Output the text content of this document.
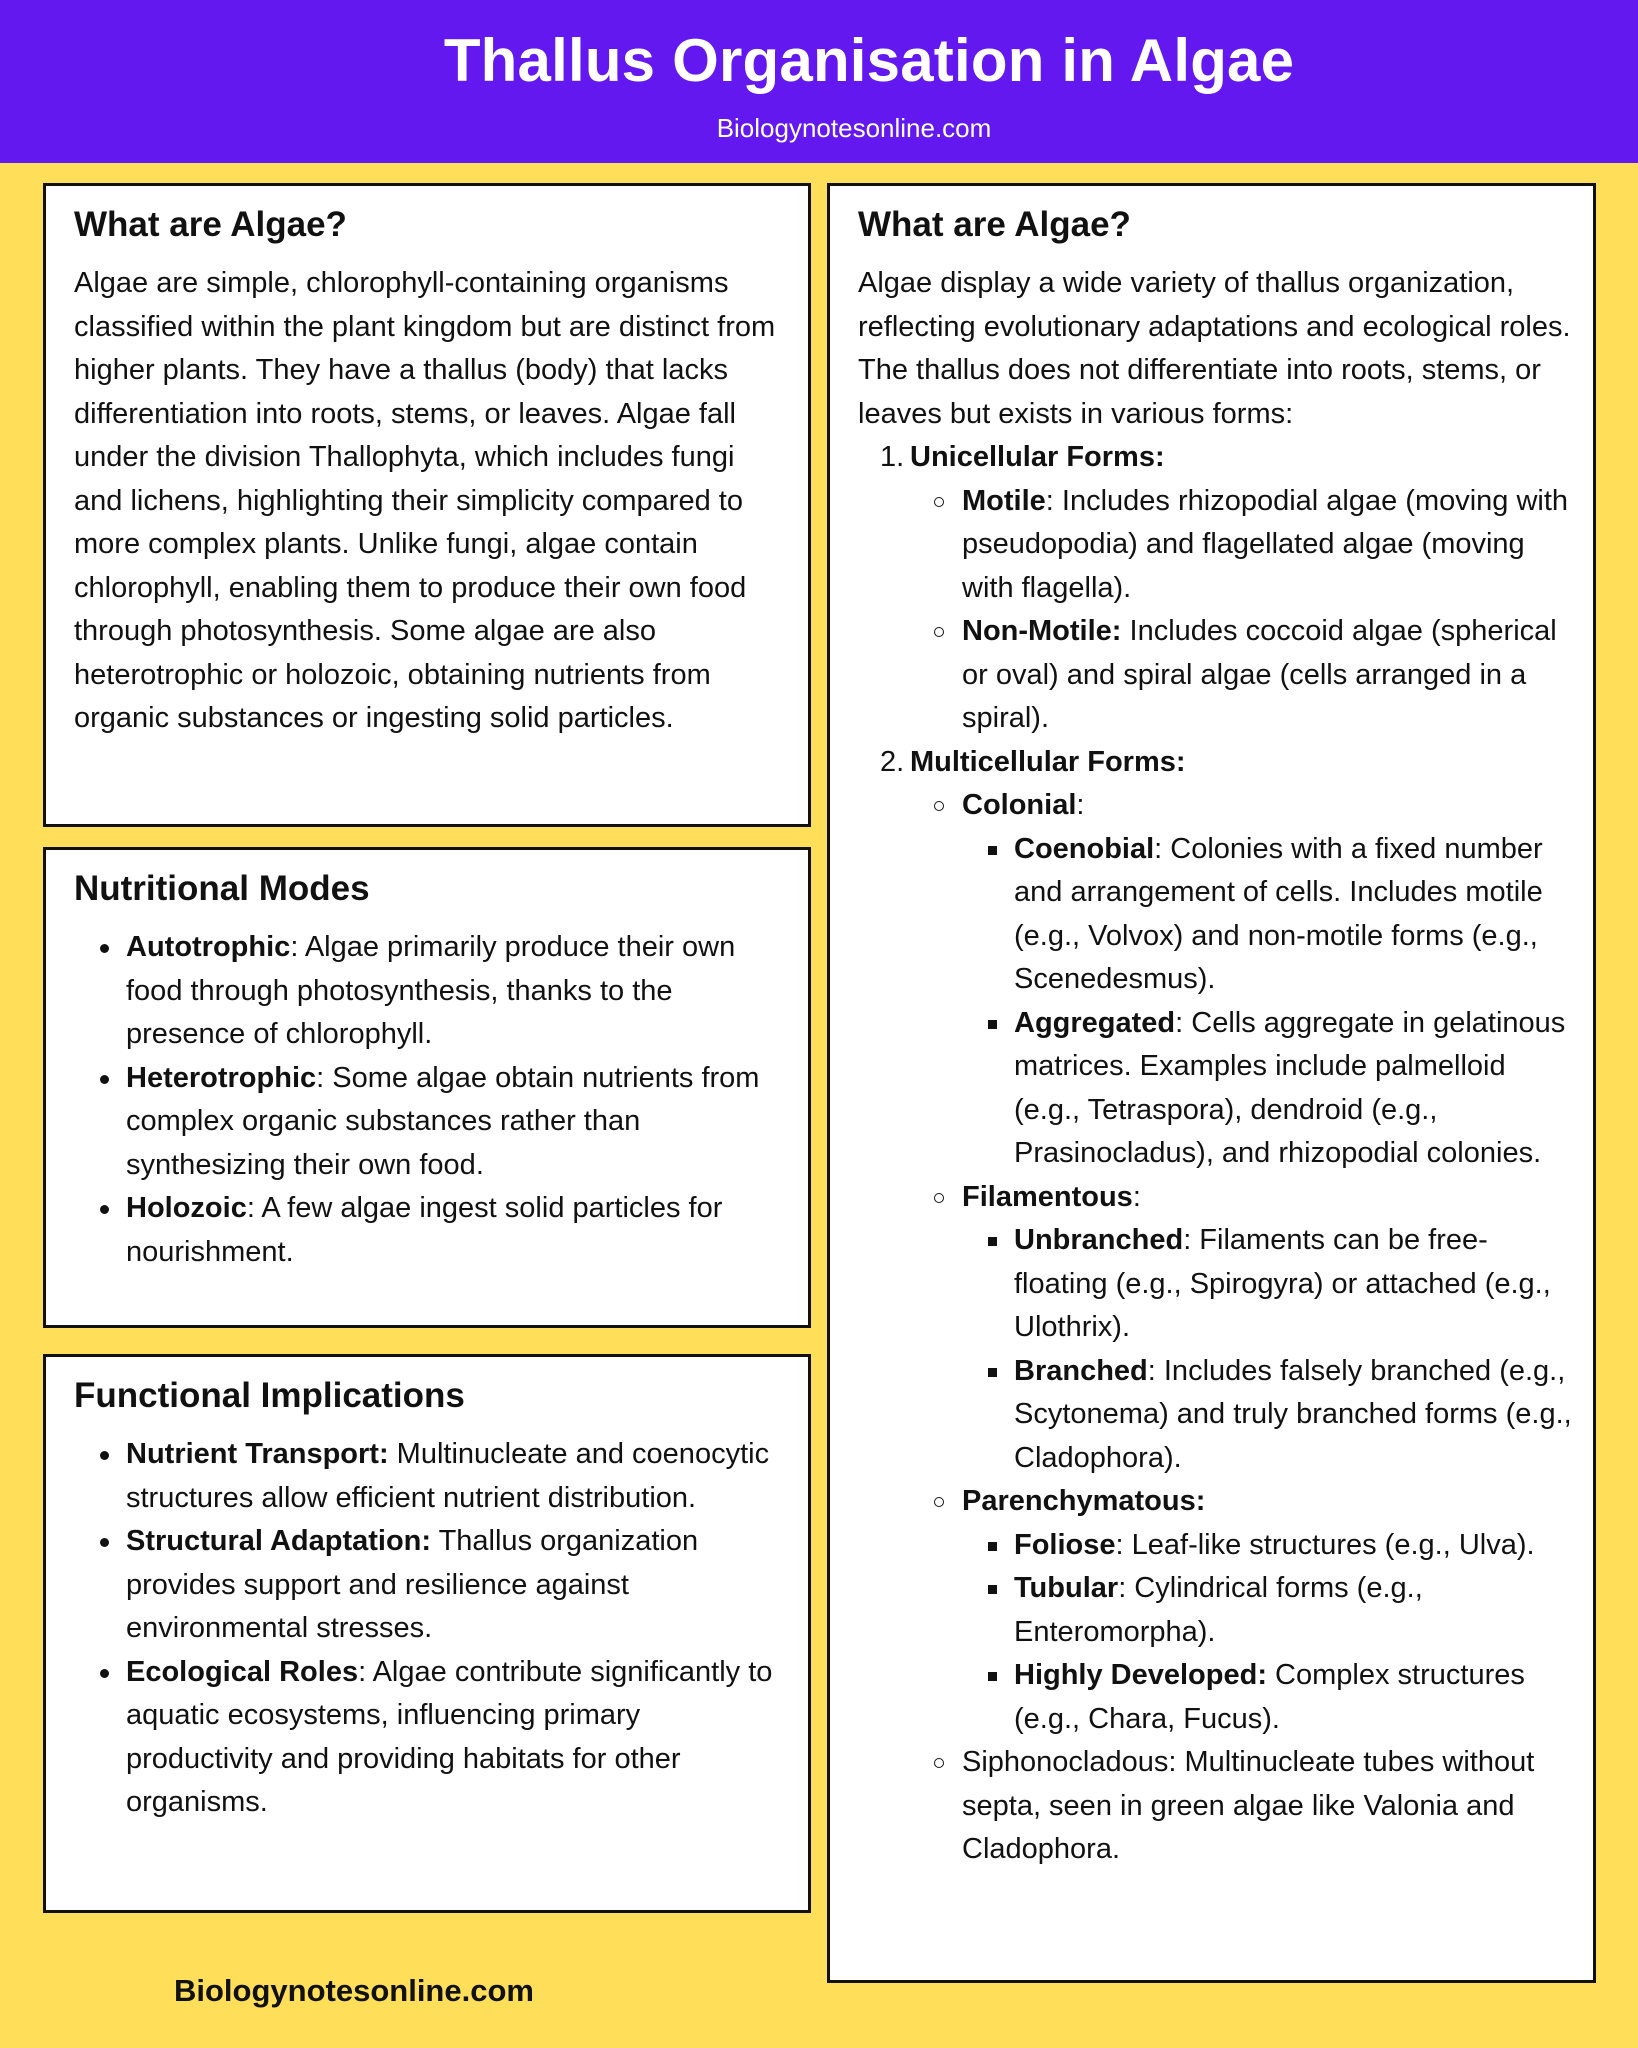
Thallus Organisation in Algae
Biologynotesonline.com
What are Algae?

Algae are simple, chlorophyll-containing organisms classified within the plant kingdom but are distinct from higher plants. They have a thallus (body) that lacks differentiation into roots, stems, or leaves. Algae fall under the division Thallophyta, which includes fungi and lichens, highlighting their simplicity compared to more complex plants. Unlike fungi, algae contain chlorophyll, enabling them to produce their own food through photosynthesis. Some algae are also heterotrophic or holozoic, obtaining nutrients from organic substances or ingesting solid particles.

Nutritional Modes
Autotrophic: Algae primarily produce their own food through photosynthesis, thanks to the presence of chlorophyll.
Heterotrophic: Some algae obtain nutrients from complex organic substances rather than synthesizing their own food.
Holozoic: A few algae ingest solid particles for nourishment.
Functional Implications
Nutrient Transport: Multinucleate and coenocytic structures allow efficient nutrient distribution.
Structural Adaptation: Thallus organization provides support and resilience against environmental stresses.
Ecological Roles: Algae contribute significantly to aquatic ecosystems, influencing primary productivity and providing habitats for other organisms.
What are Algae?

Algae display a wide variety of thallus organization, reflecting evolutionary adaptations and ecological roles. The thallus does not differentiate into roots, stems, or leaves but exists in various forms:

1. Unicellular Forms:
Motile: Includes rhizopodial algae (moving with pseudopodia) and flagellated algae (moving with flagella).
Non-Motile: Includes coccoid algae (spherical or oval) and spiral algae (cells arranged in a spiral).
2. Multicellular Forms:
Colonial:
Coenobial: Colonies with a fixed number and arrangement of cells. Includes motile (e.g., Volvox) and non-motile forms (e.g., Scenedesmus).
Aggregated: Cells aggregate in gelatinous matrices. Examples include palmelloid (e.g., Tetraspora), dendroid (e.g., Prasinocladus), and rhizopodial colonies.
Filamentous:
Unbranched: Filaments can be free-floating (e.g., Spirogyra) or attached (e.g., Ulothrix).
Branched: Includes falsely branched (e.g., Scytonema) and truly branched forms (e.g., Cladophora).
Parenchymatous:
Foliose: Leaf-like structures (e.g., Ulva).
Tubular: Cylindrical forms (e.g., Enteromorpha).
Highly Developed: Complex structures (e.g., Chara, Fucus).
Siphonocladous: Multinucleate tubes without septa, seen in green algae like Valonia and Cladophora.
Biologynotesonline.com
